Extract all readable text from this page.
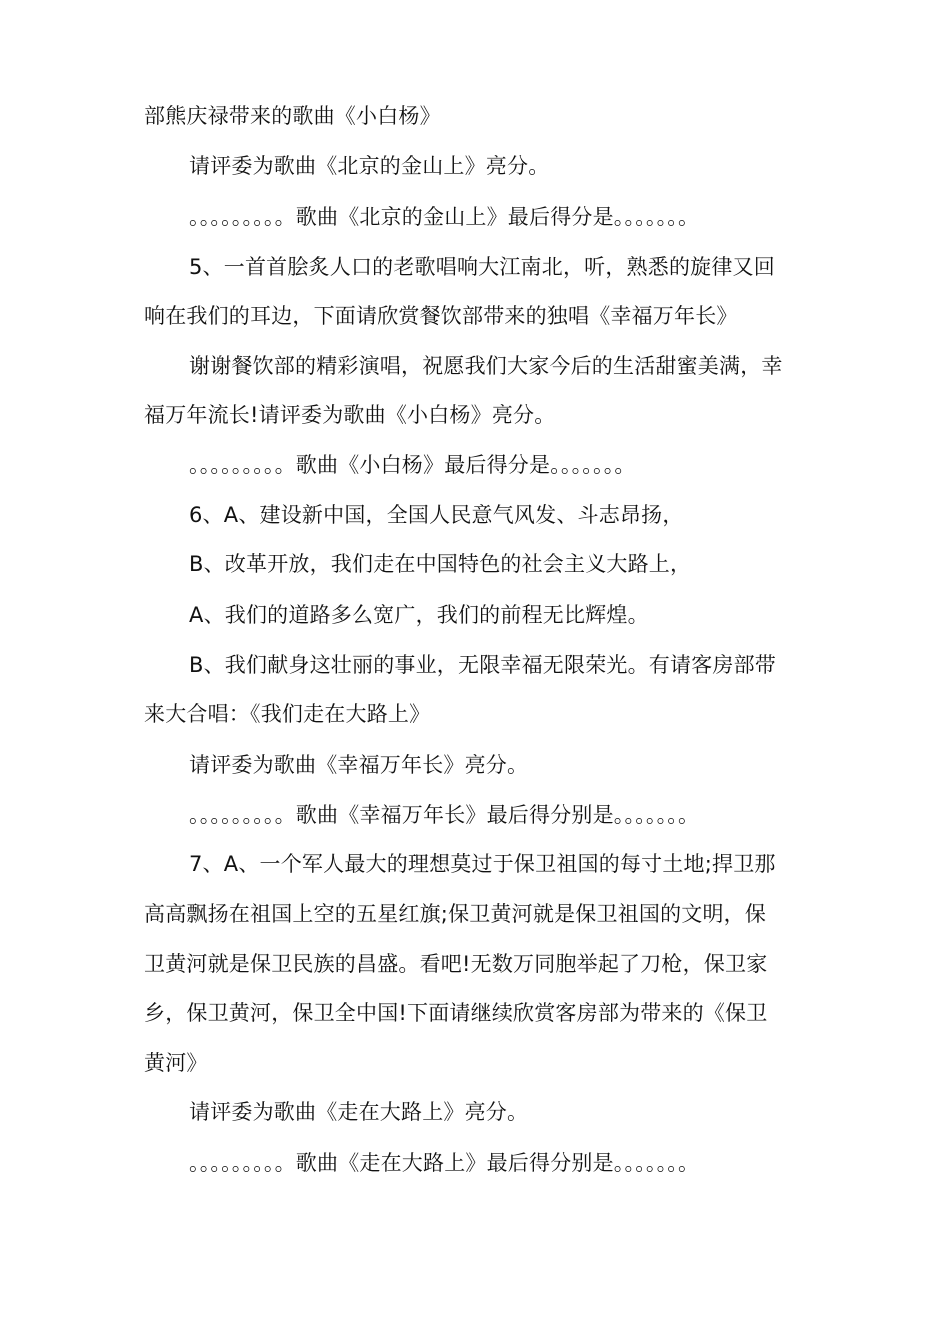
部熊庆禄带来的歌曲《小白杨》
请评委为歌曲《北京的金山上》亮分。
。。。。。。。。。歌曲《北京的金山上》最后得分是。。。。。。。
5、一首首脍炙人口的老歌唱响大江南北，听，熟悉的旋律又回
响在我们的耳边，下面请欣赏餐饮部带来的独唱《幸福万年长》
谢谢餐饮部的精彩演唱，祝愿我们大家今后的生活甜蜜美满，幸
福万年流长!请评委为歌曲《小白杨》亮分。
。。。。。。。。。歌曲《小白杨》最后得分是。。。。。。。
6、A、建设新中国，全国人民意气风发、斗志昂扬，
B、改革开放，我们走在中国特色的社会主义大路上，
A、我们的道路多么宽广，我们的前程无比辉煌。
B、我们献身这壮丽的事业，无限幸福无限荣光。有请客房部带
来大合唱：《我们走在大路上》
请评委为歌曲《幸福万年长》亮分。
。。。。。。。。。歌曲《幸福万年长》最后得分别是。。。。。。。
7、A、一个军人最大的理想莫过于保卫祖国的每寸土地;捍卫那
高高飘扬在祖国上空的五星红旗;保卫黄河就是保卫祖国的文明，保
卫黄河就是保卫民族的昌盛。看吧!无数万同胞举起了刀枪，保卫家
乡，保卫黄河，保卫全中国!下面请继续欣赏客房部为带来的《保卫
黄河》
请评委为歌曲《走在大路上》亮分。
。。。。。。。。。歌曲《走在大路上》最后得分别是。。。。。。。
